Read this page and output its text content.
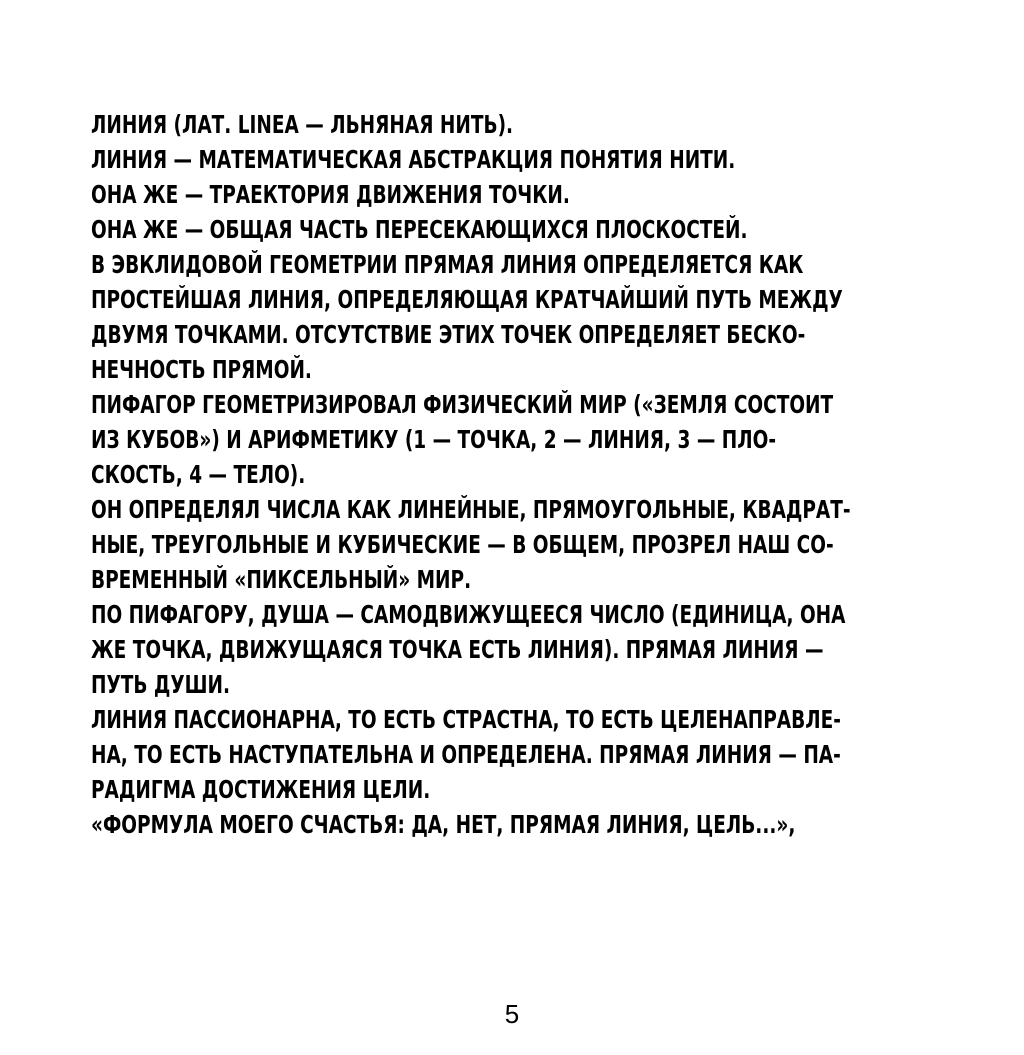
ЛИНИЯ (ЛАТ. LINEA — ЛЬНЯНАЯ НИТЬ).
ЛИНИЯ — МАТЕМАТИЧЕСКАЯ АБСТРАКЦИЯ ПОНЯТИЯ НИТИ.
ОНА ЖЕ — ТРАЕКТОРИЯ ДВИЖЕНИЯ ТОЧКИ.
ОНА ЖЕ — ОБЩАЯ ЧАСТЬ ПЕРЕСЕКАЮЩИХСЯ ПЛОСКОСТЕЙ.
В ЭВКЛИДОВОЙ ГЕОМЕТРИИ ПРЯМАЯ ЛИНИЯ ОПРЕДЕЛЯЕТСЯ КАК
ПРОСТЕЙШАЯ ЛИНИЯ, ОПРЕДЕЛЯЮЩАЯ КРАТЧАЙШИЙ ПУТЬ МЕЖДУ
ДВУМЯ ТОЧКАМИ. ОТСУТСТВИЕ ЭТИХ ТОЧЕК ОПРЕДЕЛЯЕТ БЕСКО-
НЕЧНОСТЬ ПРЯМОЙ.
ПИФАГОР ГЕОМЕТРИЗИРОВАЛ ФИЗИЧЕСКИЙ МИР («ЗЕМЛЯ СОСТОИТ
ИЗ КУБОВ») И АРИФМЕТИКУ (1 — ТОЧКА, 2 — ЛИНИЯ, 3 — ПЛО-
СКОСТЬ, 4 — ТЕЛО).
ОН ОПРЕДЕЛЯЛ ЧИСЛА КАК ЛИНЕЙНЫЕ, ПРЯМОУГОЛЬНЫЕ, КВАДРАТ-
НЫЕ, ТРЕУГОЛЬНЫЕ И КУБИЧЕСКИЕ — В ОБЩЕМ, ПРОЗРЕЛ НАШ СО-
ВРЕМЕННЫЙ «ПИКСЕЛЬНЫЙ» МИР.
ПО ПИФАГОРУ, ДУША — САМОДВИЖУЩЕЕСЯ ЧИСЛО (ЕДИНИЦА, ОНА
ЖЕ ТОЧКА, ДВИЖУЩАЯСЯ ТОЧКА ЕСТЬ ЛИНИЯ). ПРЯМАЯ ЛИНИЯ —
ПУТЬ ДУШИ.
ЛИНИЯ ПАССИОНАРНА, ТО ЕСТЬ СТРАСТНА, ТО ЕСТЬ ЦЕЛЕНАПРАВЛЕ-
НА, ТО ЕСТЬ НАСТУПАТЕЛЬНА И ОПРЕДЕЛЕНА. ПРЯМАЯ ЛИНИЯ — ПА-
РАДИГМА ДОСТИЖЕНИЯ ЦЕЛИ.
«ФОРМУЛА МОЕГО СЧАСТЬЯ: ДА, НЕТ, ПРЯМАЯ ЛИНИЯ, ЦЕЛЬ...»,
5
